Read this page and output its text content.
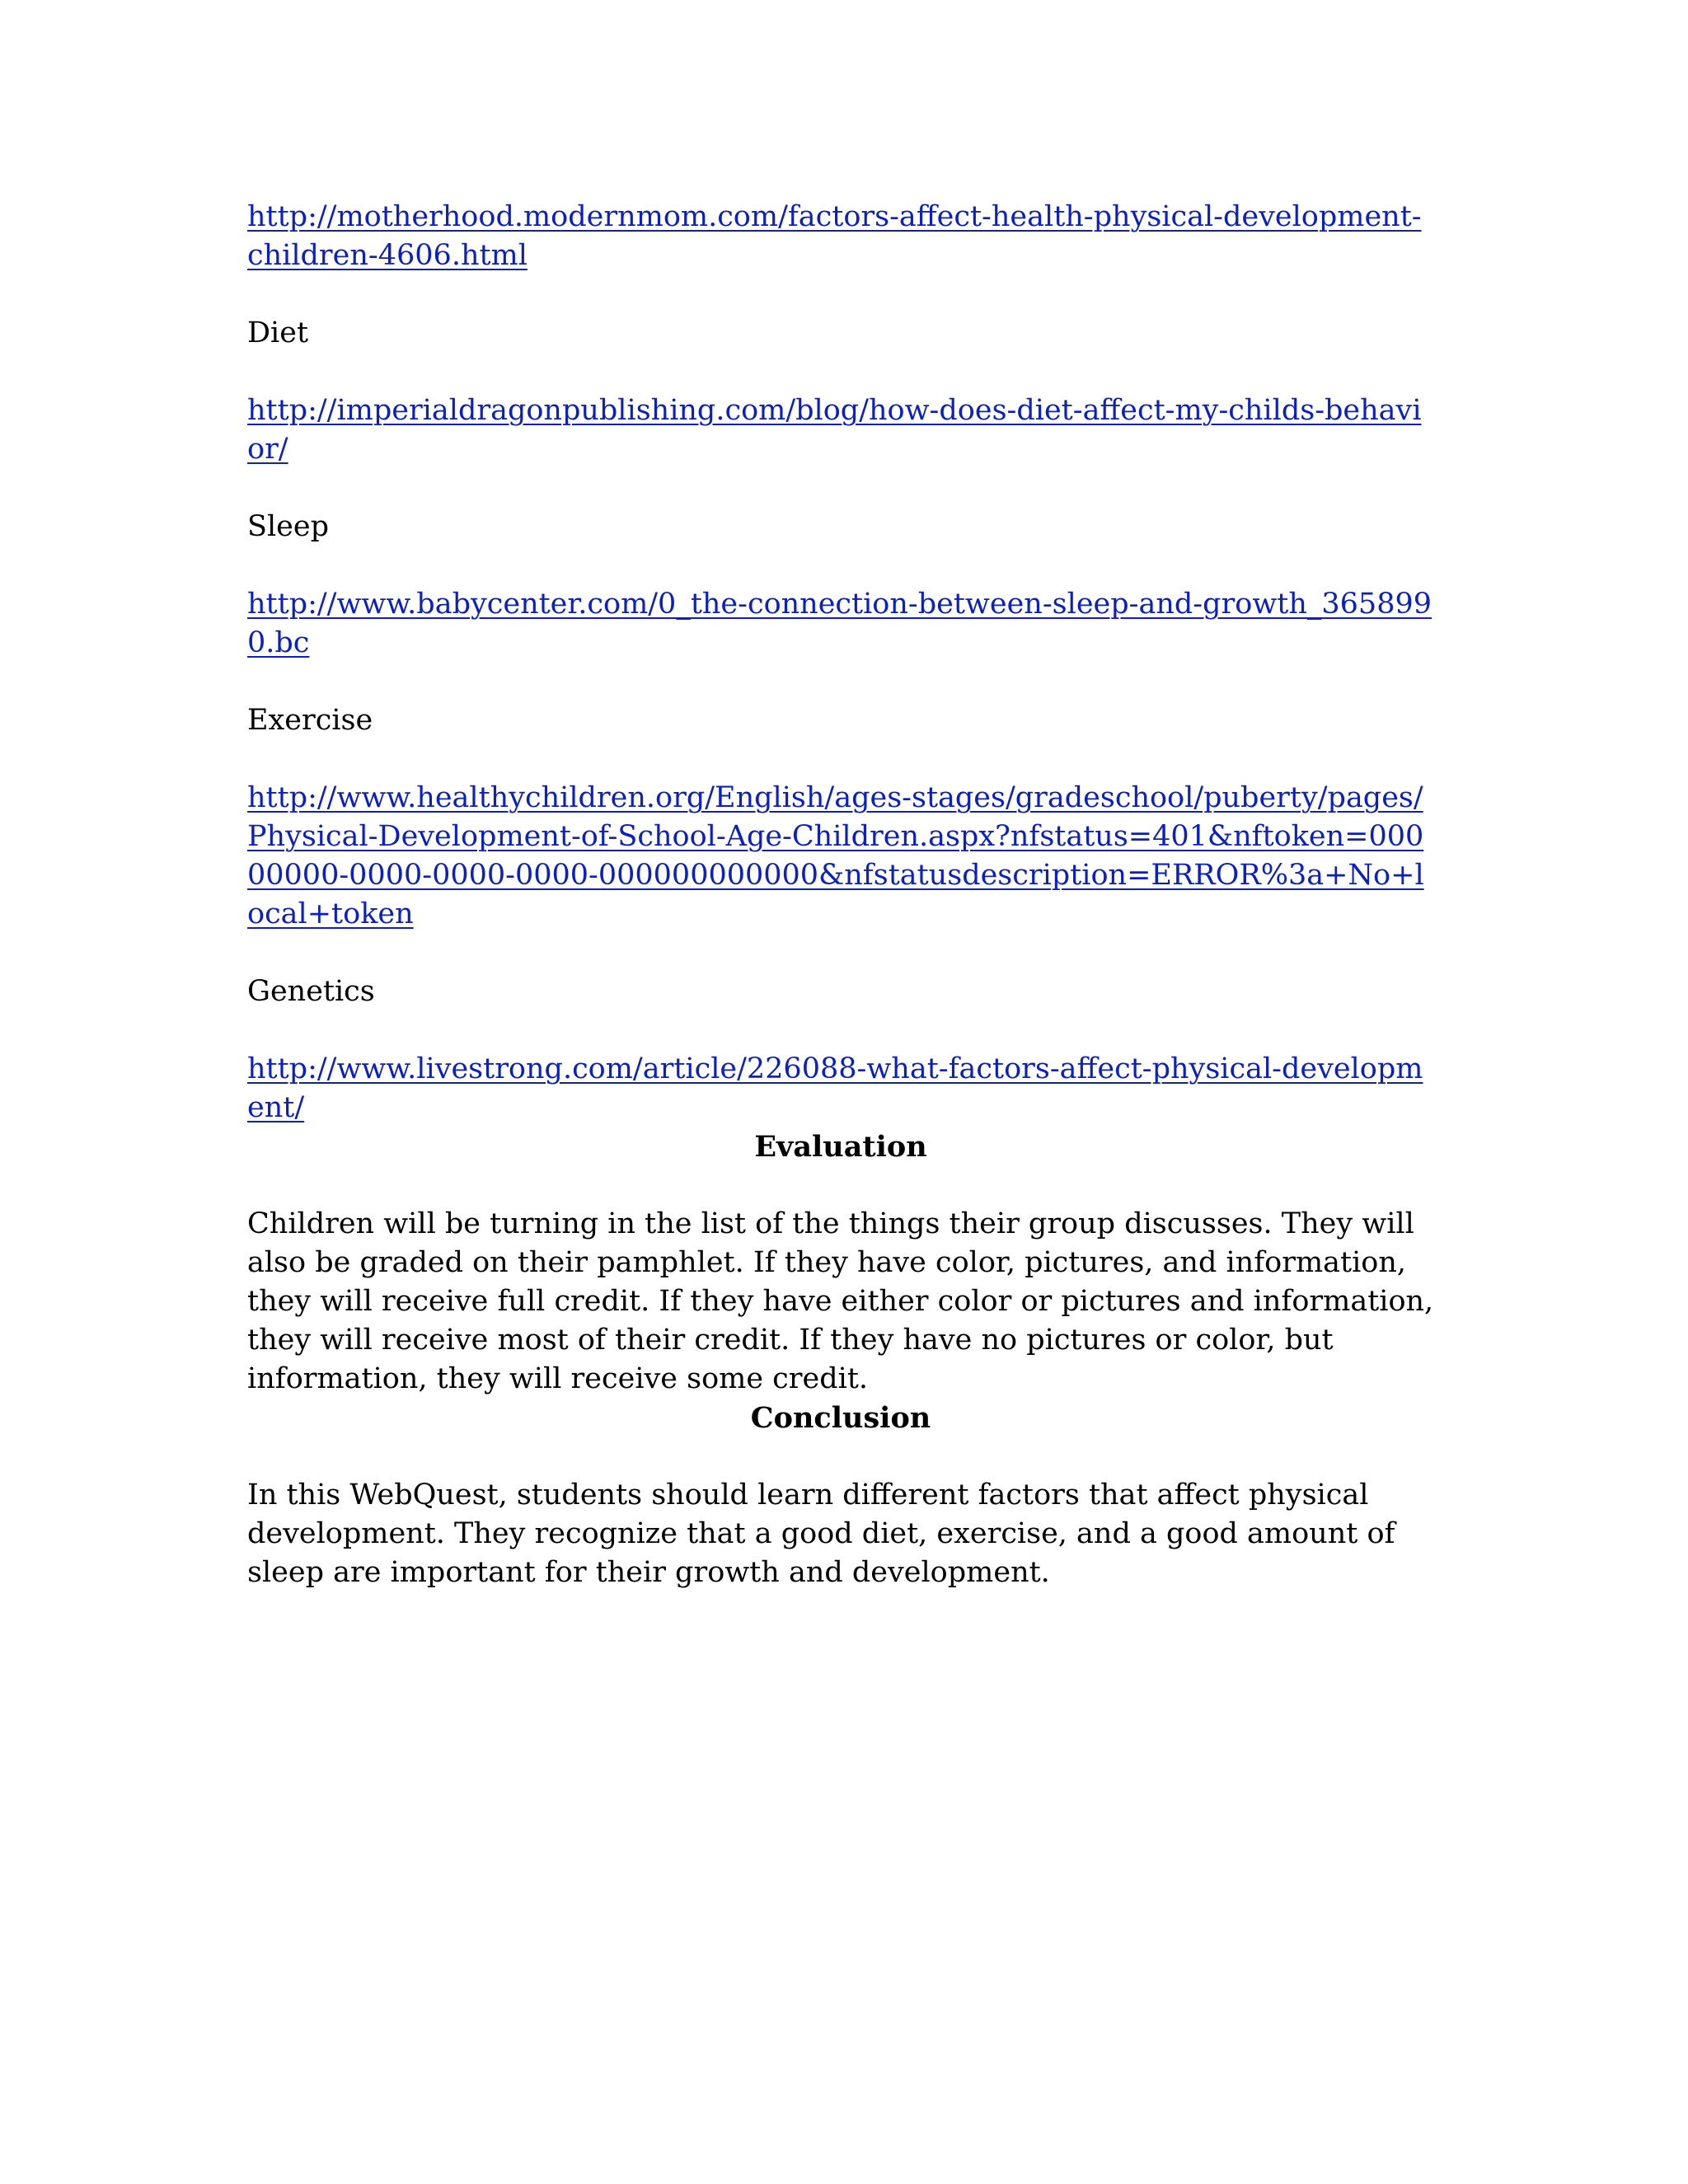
http://motherhood.modernmom.com/factors-affect-health-physical-development-children-4606.html
Diet
http://imperialdragonpublishing.com/blog/how-does-diet-affect-my-childs-behavior/
Sleep
http://www.babycenter.com/0_the-connection-between-sleep-and-growth_3658990.bc
Exercise
http://www.healthychildren.org/English/ages-stages/gradeschool/puberty/pages/Physical-Development-of-School-Age-Children.aspx?nfstatus=401&nftoken=00000000-0000-0000-0000-000000000000&nfstatusdescription=ERROR%3a+No+local+token
Genetics
http://www.livestrong.com/article/226088-what-factors-affect-physical-development/
Evaluation

Children will be turning in the list of the things their group discusses. They will also be graded on their pamphlet. If they have color, pictures, and information, they will receive full credit. If they have either color or pictures and information, they will receive most of their credit. If they have no pictures or color, but information, they will receive some credit.

Conclusion

In this WebQuest, students should learn different factors that affect physical development. They recognize that a good diet, exercise, and a good amount of sleep are important for their growth and development.
